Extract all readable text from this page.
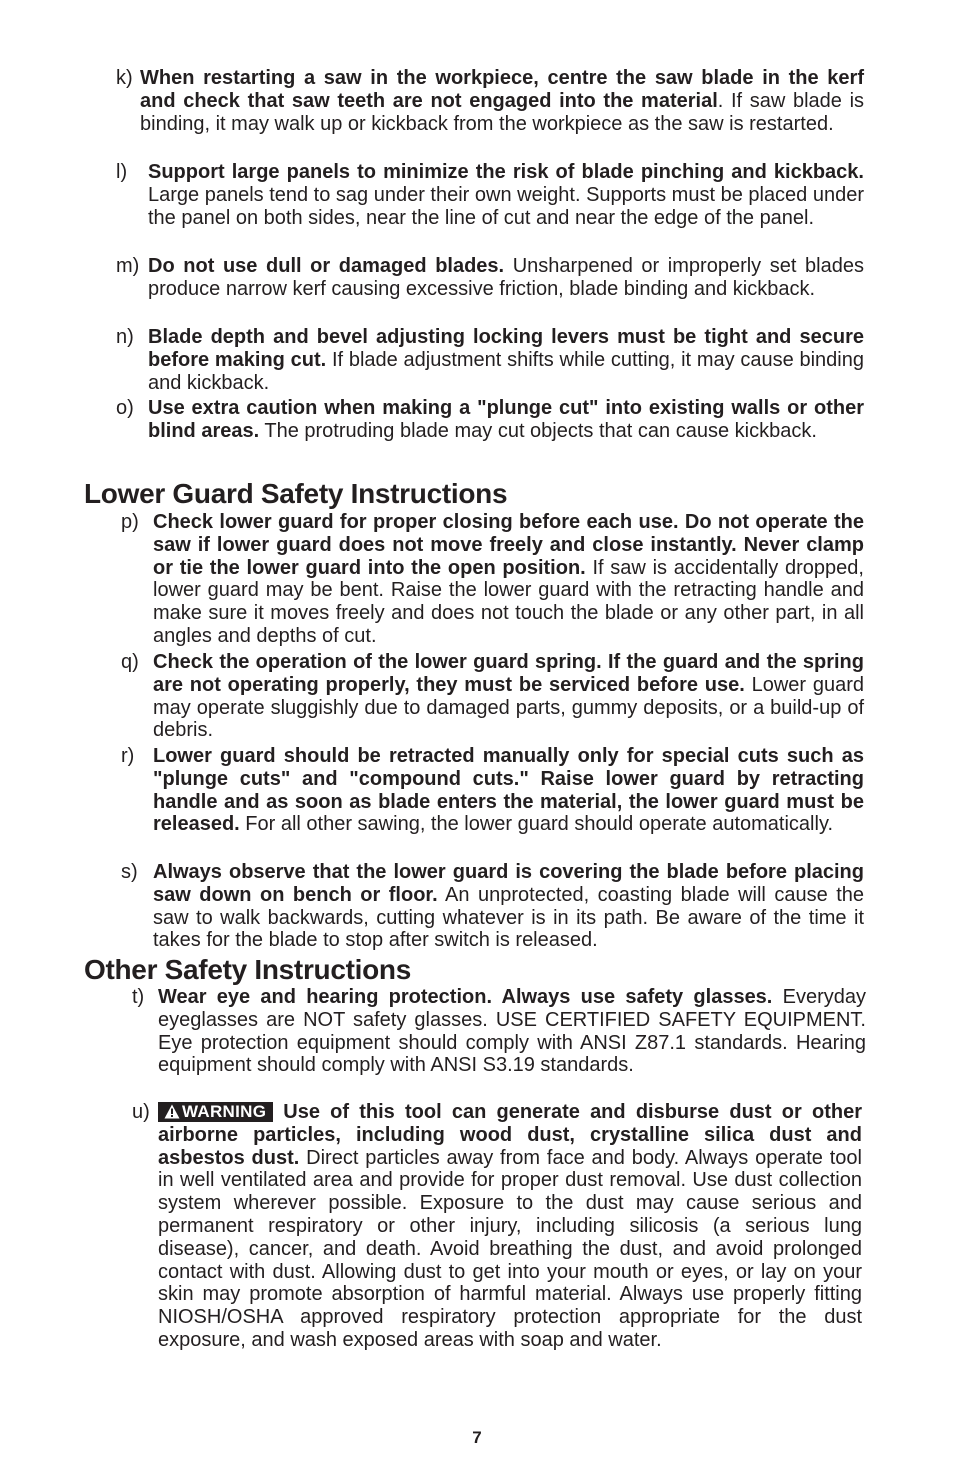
k) When restarting a saw in the workpiece, centre the saw blade in the kerf and check that saw teeth are not engaged into the material. If saw blade is binding, it may walk up or kickback from the workpiece as the saw is restarted.
l) Support large panels to minimize the risk of blade pinching and kickback. Large panels tend to sag under their own weight. Supports must be placed under the panel on both sides, near the line of cut and near the edge of the panel.
m) Do not use dull or damaged blades. Unsharpened or improperly set blades produce narrow kerf causing excessive friction, blade binding and kickback.
n) Blade depth and bevel adjusting locking levers must be tight and secure before making cut. If blade adjustment shifts while cutting, it may cause binding and kickback.
o) Use extra caution when making a "plunge cut" into existing walls or other blind areas. The protruding blade may cut objects that can cause kickback.
Lower Guard Safety Instructions
p) Check lower guard for proper closing before each use. Do not operate the saw if lower guard does not move freely and close instantly. Never clamp or tie the lower guard into the open position. If saw is accidentally dropped, lower guard may be bent. Raise the lower guard with the retracting handle and make sure it moves freely and does not touch the blade or any other part, in all angles and depths of cut.
q) Check the operation of the lower guard spring. If the guard and the spring are not operating properly, they must be serviced before use. Lower guard may operate sluggishly due to damaged parts, gummy deposits, or a build-up of debris.
r) Lower guard should be retracted manually only for special cuts such as "plunge cuts" and "compound cuts." Raise lower guard by retracting handle and as soon as blade enters the material, the lower guard must be released. For all other sawing, the lower guard should operate automatically.
s) Always observe that the lower guard is covering the blade before placing saw down on bench or floor. An unprotected, coasting blade will cause the saw to walk backwards, cutting whatever is in its path. Be aware of the time it takes for the blade to stop after switch is released.
Other Safety Instructions
t) Wear eye and hearing protection. Always use safety glasses. Everyday eyeglasses are NOT safety glasses. USE CERTIFIED SAFETY EQUIPMENT. Eye protection equipment should comply with ANSI Z87.1 standards. Hearing equipment should comply with ANSI S3.19 standards.
u)	WARNING Use of this tool can generate and disburse dust or other airborne particles, including wood dust, crystalline silica dust and asbestos dust. Direct particles away from face and body. Always operate tool in well ventilated area and provide for proper dust removal. Use dust collection system wherever possible. Exposure to the dust may cause serious and permanent respiratory or other injury, including silicosis (a serious lung disease), cancer, and death. Avoid breathing the dust, and avoid prolonged contact with dust. Allowing dust to get into your mouth or eyes, or lay on your skin may promote absorption of harmful material. Always use properly fitting NIOSH/OSHA approved respiratory protection appropriate for the dust exposure, and wash exposed areas with soap and water.
7
